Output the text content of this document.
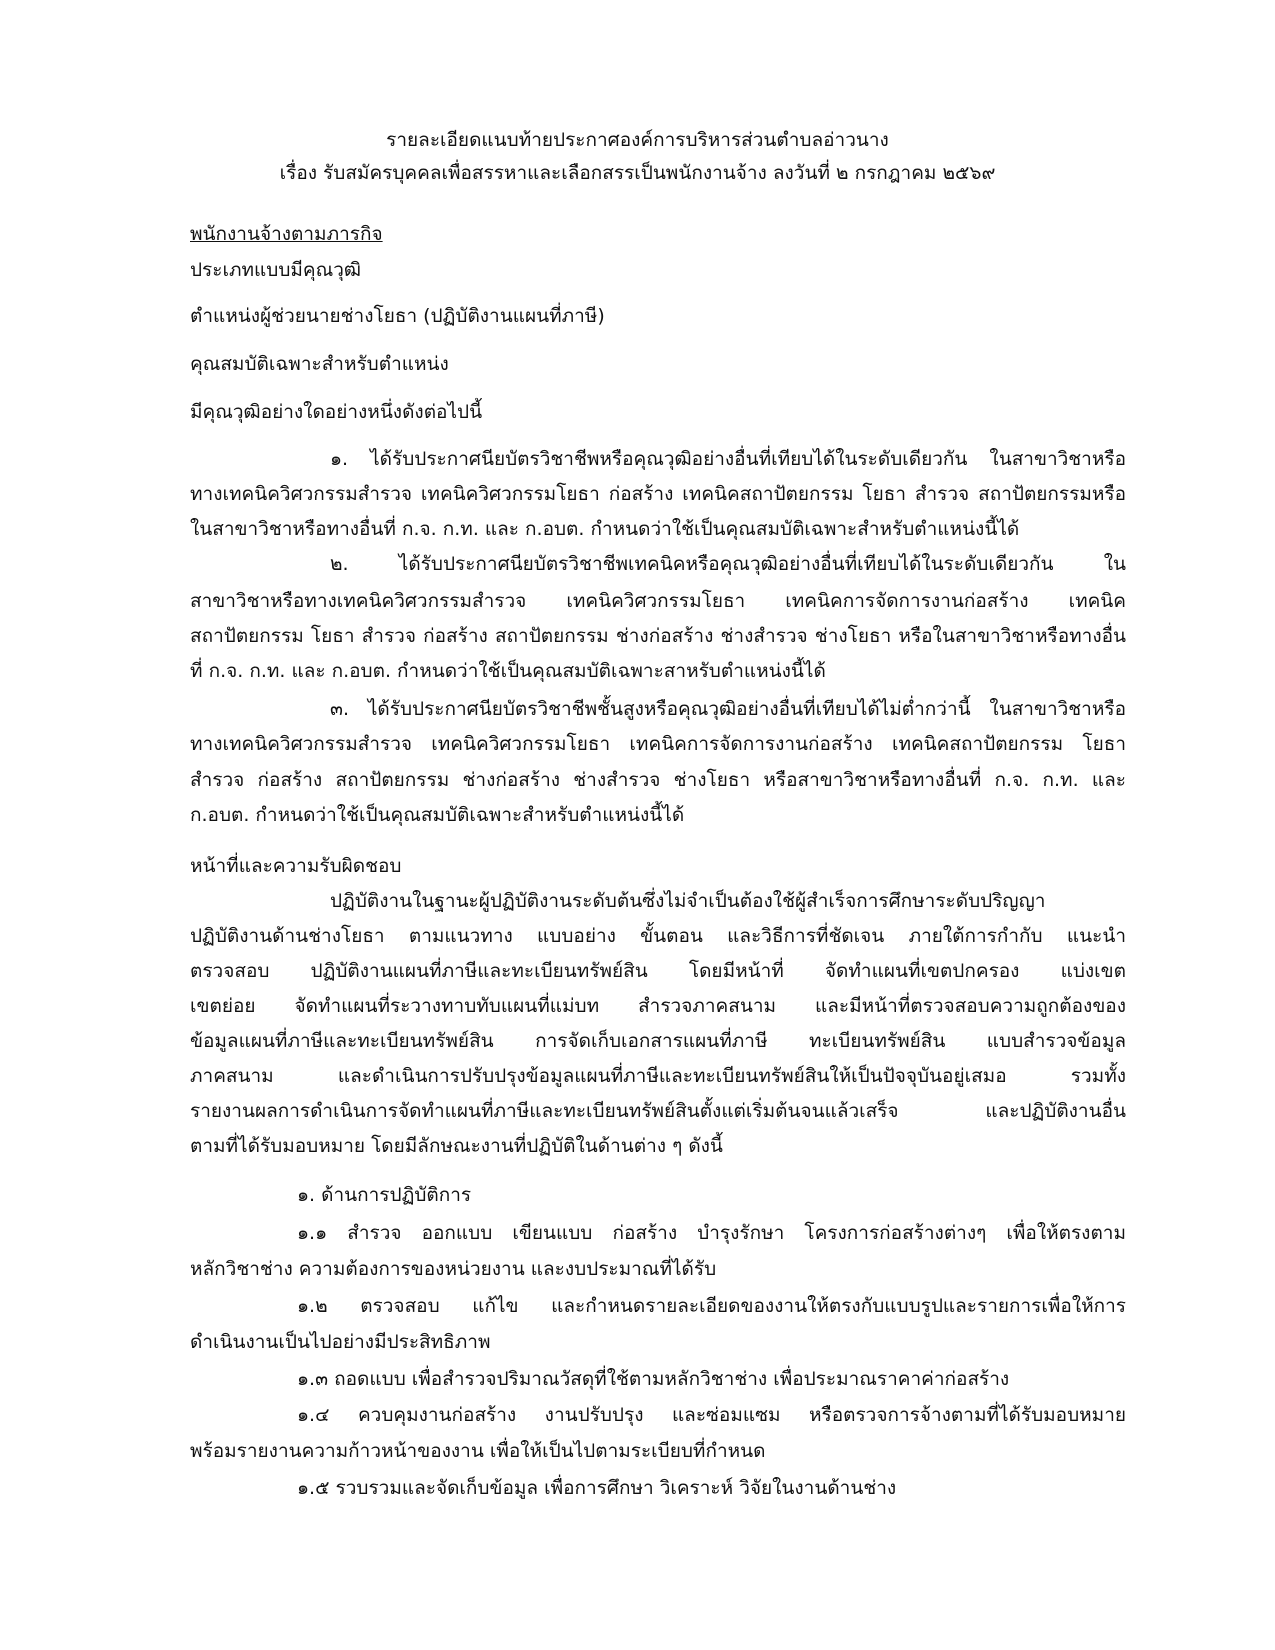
รายละเอียดแนบท้ายประกาศองค์การบริหารส่วนตำบลอ่าวนาง
เรื่อง รับสมัครบุคคลเพื่อสรรหาและเลือกสรรเป็นพนักงานจ้าง ลงวันที่ ๒ กรกฎาคม ๒๕๖๙
พนักงานจ้างตามภารกิจ
ประเภทแบบมีคุณวุฒิ
ตำแหน่งผู้ช่วยนายช่างโยธา (ปฏิบัติงานแผนที่ภาษี)
คุณสมบัติเฉพาะสำหรับตำแหน่ง
มีคุณวุฒิอย่างใดอย่างหนึ่งดังต่อไปนี้
๑. ได้รับประกาศนียบัตรวิชาชีพหรือคุณวุฒิอย่างอื่นที่เทียบได้ในระดับเดียวกัน ในสาขาวิชาหรือ
ทางเทคนิควิศวกรรมสำรวจ เทคนิควิศวกรรมโยธา ก่อสร้าง เทคนิคสถาปัตยกรรม โยธา สำรวจ สถาปัตยกรรมหรือ
ในสาขาวิชาหรือทางอื่นที่ ก.จ. ก.ท. และ ก.อบต. กำหนดว่าใช้เป็นคุณสมบัติเฉพาะสำหรับตำแหน่งนี้ได้
๒. ได้รับประกาศนียบัตรวิชาชีพเทคนิคหรือคุณวุฒิอย่างอื่นที่เทียบได้ในระดับเดียวกัน ใน
สาขาวิชาหรือทางเทคนิควิศวกรรมสำรวจ เทคนิควิศวกรรมโยธา เทคนิคการจัดการงานก่อสร้าง เทคนิค
สถาปัตยกรรม โยธา สำรวจ ก่อสร้าง สถาปัตยกรรม ช่างก่อสร้าง ช่างสำรวจ ช่างโยธา หรือในสาขาวิชาหรือทางอื่น
ที่ ก.จ. ก.ท. และ ก.อบต. กำหนดว่าใช้เป็นคุณสมบัติเฉพาะสาหรับตำแหน่งนี้ได้
๓. ได้รับประกาศนียบัตรวิชาชีพชั้นสูงหรือคุณวุฒิอย่างอื่นที่เทียบได้ไม่ต่ำกว่านี้ ในสาขาวิชาหรือ
ทางเทคนิควิศวกรรมสำรวจ เทคนิควิศวกรรมโยธา เทคนิคการจัดการงานก่อสร้าง เทคนิคสถาปัตยกรรม โยธา
สำรวจ ก่อสร้าง สถาปัตยกรรม ช่างก่อสร้าง ช่างสำรวจ ช่างโยธา หรือสาขาวิชาหรือทางอื่นที่ ก.จ. ก.ท. และ
ก.อบต. กำหนดว่าใช้เป็นคุณสมบัติเฉพาะสำหรับตำแหน่งนี้ได้
หน้าที่และความรับผิดชอบ
ปฏิบัติงานในฐานะผู้ปฏิบัติงานระดับต้นซึ่งไม่จำเป็นต้องใช้ผู้สำเร็จการศึกษาระดับปริญญา
ปฏิบัติงานด้านช่างโยธา ตามแนวทาง แบบอย่าง ขั้นตอน และวิธีการที่ชัดเจน ภายใต้การกำกับ แนะนำ
ตรวจสอบ ปฏิบัติงานแผนที่ภาษีและทะเบียนทรัพย์สิน โดยมีหน้าที่ จัดทำแผนที่เขตปกครอง แบ่งเขต
เขตย่อย จัดทำแผนที่ระวางทาบทับแผนที่แม่บท สำรวจภาคสนาม และมีหน้าที่ตรวจสอบความถูกต้องของ
ข้อมูลแผนที่ภาษีและทะเบียนทรัพย์สิน การจัดเก็บเอกสารแผนที่ภาษี ทะเบียนทรัพย์สิน แบบสำรวจข้อมูล
ภาคสนาม และดำเนินการปรับปรุงข้อมูลแผนที่ภาษีและทะเบียนทรัพย์สินให้เป็นปัจจุบันอยู่เสมอ รวมทั้ง
รายงานผลการดำเนินการจัดทำแผนที่ภาษีและทะเบียนทรัพย์สินตั้งแต่เริ่มต้นจนแล้วเสร็จ และปฏิบัติงานอื่น
ตามที่ได้รับมอบหมาย โดยมีลักษณะงานที่ปฏิบัติในด้านต่าง ๆ ดังนี้
๑. ด้านการปฏิบัติการ
๑.๑ สำรวจ ออกแบบ เขียนแบบ ก่อสร้าง บำรุงรักษา โครงการก่อสร้างต่างๆ เพื่อให้ตรงตาม
หลักวิชาช่าง ความต้องการของหน่วยงาน และงบประมาณที่ได้รับ
๑.๒ ตรวจสอบ แก้ไข และกำหนดรายละเอียดของงานให้ตรงกับแบบรูปและรายการเพื่อให้การ
ดำเนินงานเป็นไปอย่างมีประสิทธิภาพ
๑.๓ ถอดแบบ เพื่อสำรวจปริมาณวัสดุที่ใช้ตามหลักวิชาช่าง เพื่อประมาณราคาค่าก่อสร้าง
๑.๔ ควบคุมงานก่อสร้าง งานปรับปรุง และซ่อมแซม หรือตรวจการจ้างตามที่ได้รับมอบหมาย
พร้อมรายงานความก้าวหน้าของงาน เพื่อให้เป็นไปตามระเบียบที่กำหนด
๑.๕ รวบรวมและจัดเก็บข้อมูล เพื่อการศึกษา วิเคราะห์ วิจัยในงานด้านช่าง
